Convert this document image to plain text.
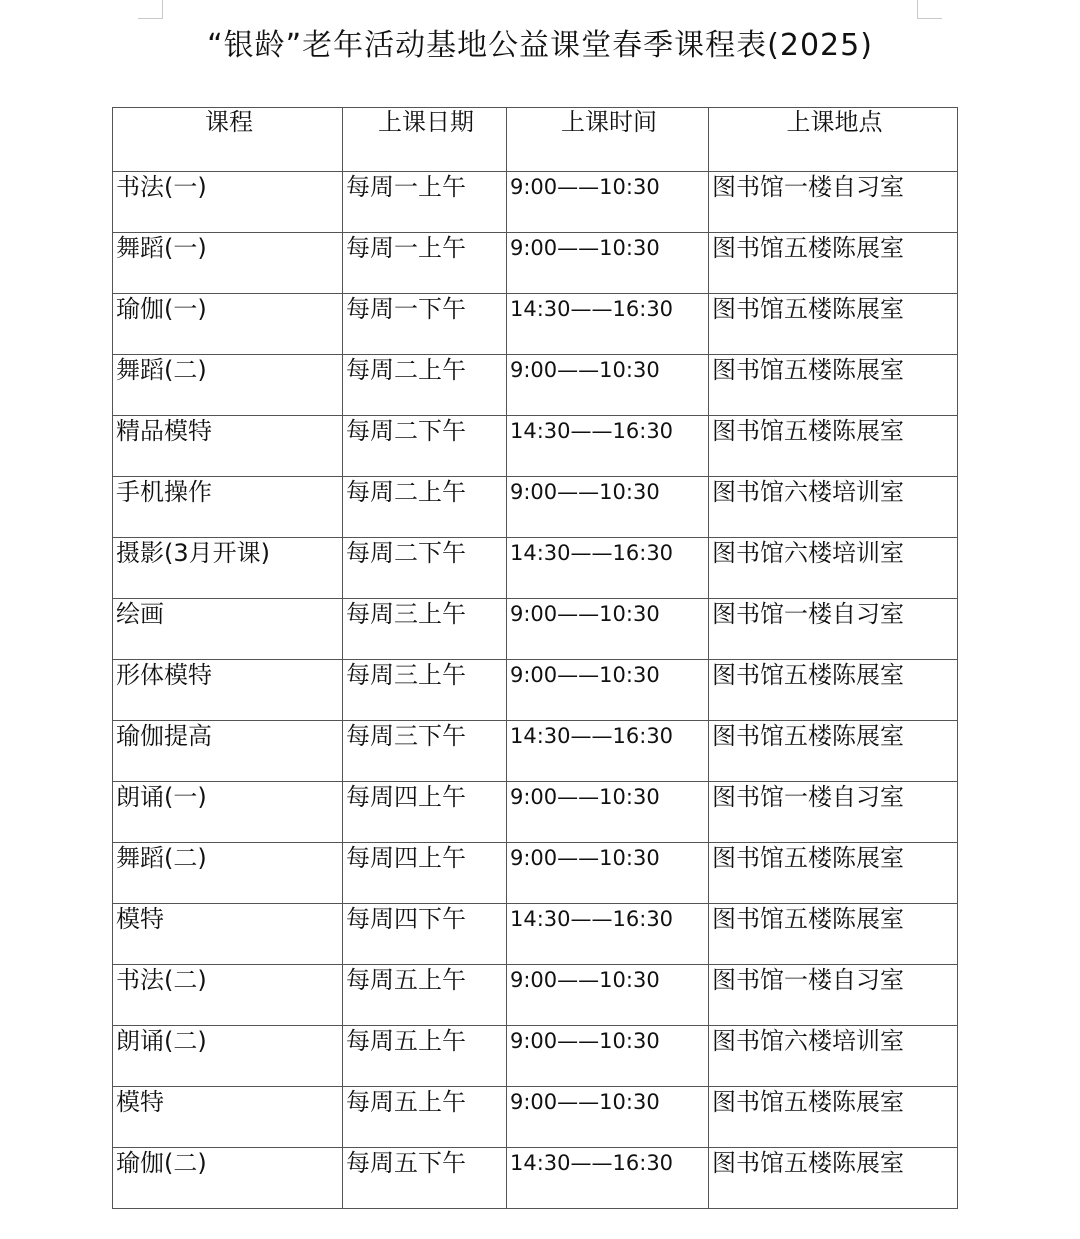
“银龄”老年活动基地公益课堂春季课程表(2025)
课程	上课日期	上课时间	上课地点
书法(一)	每周一上午	9:00——10:30	图书馆一楼自习室
舞蹈(一)	每周一上午	9:00——10:30	图书馆五楼陈展室
瑜伽(一)	每周一下午	14:30——16:30	图书馆五楼陈展室
舞蹈(二)	每周二上午	9:00——10:30	图书馆五楼陈展室
精品模特	每周二下午	14:30——16:30	图书馆五楼陈展室
手机操作	每周二上午	9:00——10:30	图书馆六楼培训室
摄影(3月开课)	每周二下午	14:30——16:30	图书馆六楼培训室
绘画	每周三上午	9:00——10:30	图书馆一楼自习室
形体模特	每周三上午	9:00——10:30	图书馆五楼陈展室
瑜伽提高	每周三下午	14:30——16:30	图书馆五楼陈展室
朗诵(一)	每周四上午	9:00——10:30	图书馆一楼自习室
舞蹈(二)	每周四上午	9:00——10:30	图书馆五楼陈展室
模特	每周四下午	14:30——16:30	图书馆五楼陈展室
书法(二)	每周五上午	9:00——10:30	图书馆一楼自习室
朗诵(二)	每周五上午	9:00——10:30	图书馆六楼培训室
模特	每周五上午	9:00——10:30	图书馆五楼陈展室
瑜伽(二)	每周五下午	14:30——16:30	图书馆五楼陈展室
